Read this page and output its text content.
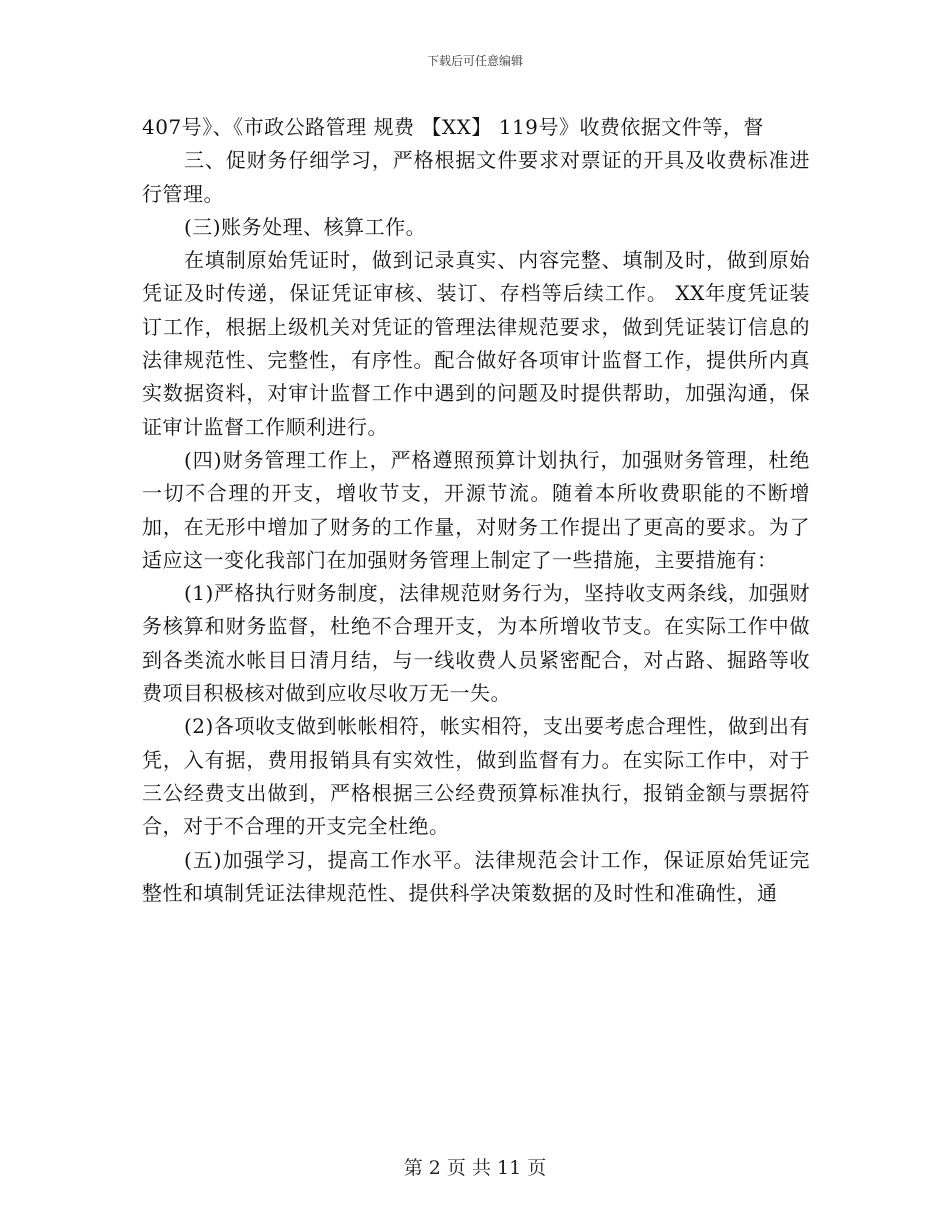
下载后可任意编辑

407号》、《市政公路管理 规费 【XX】 119号》收费依据文件等，督

三、促财务仔细学习，严格根据文件要求对票证的开具及收费标准进行管理。

(三)账务处理、核算工作。

在填制原始凭证时，做到记录真实、内容完整、填制及时，做到原始凭证及时传递，保证凭证审核、装订、存档等后续工作。 XX年度凭证装订工作，根据上级机关对凭证的管理法律规范要求，做到凭证装订信息的法律规范性、完整性，有序性。配合做好各项审计监督工作，提供所内真实数据资料，对审计监督工作中遇到的问题及时提供帮助，加强沟通，保证审计监督工作顺利进行。

(四)财务管理工作上，严格遵照预算计划执行，加强财务管理，杜绝一切不合理的开支，增收节支，开源节流。随着本所收费职能的不断增加，在无形中增加了财务的工作量，对财务工作提出了更高的要求。为了适应这一变化我部门在加强财务管理上制定了一些措施，主要措施有：

(1)严格执行财务制度，法律规范财务行为，坚持收支两条线，加强财务核算和财务监督，杜绝不合理开支，为本所增收节支。在实际工作中做到各类流水帐目日清月结，与一线收费人员紧密配合，对占路、掘路等收费项目积极核对做到应收尽收万无一失。

(2)各项收支做到帐帐相符，帐实相符，支出要考虑合理性，做到出有凭，入有据，费用报销具有实效性，做到监督有力。在实际工作中，对于三公经费支出做到，严格根据三公经费预算标准执行，报销金额与票据符合，对于不合理的开支完全杜绝。

(五)加强学习，提高工作水平。法律规范会计工作，保证原始凭证完整性和填制凭证法律规范性、提供科学决策数据的及时性和准确性，通

第 2 页 共 11 页
